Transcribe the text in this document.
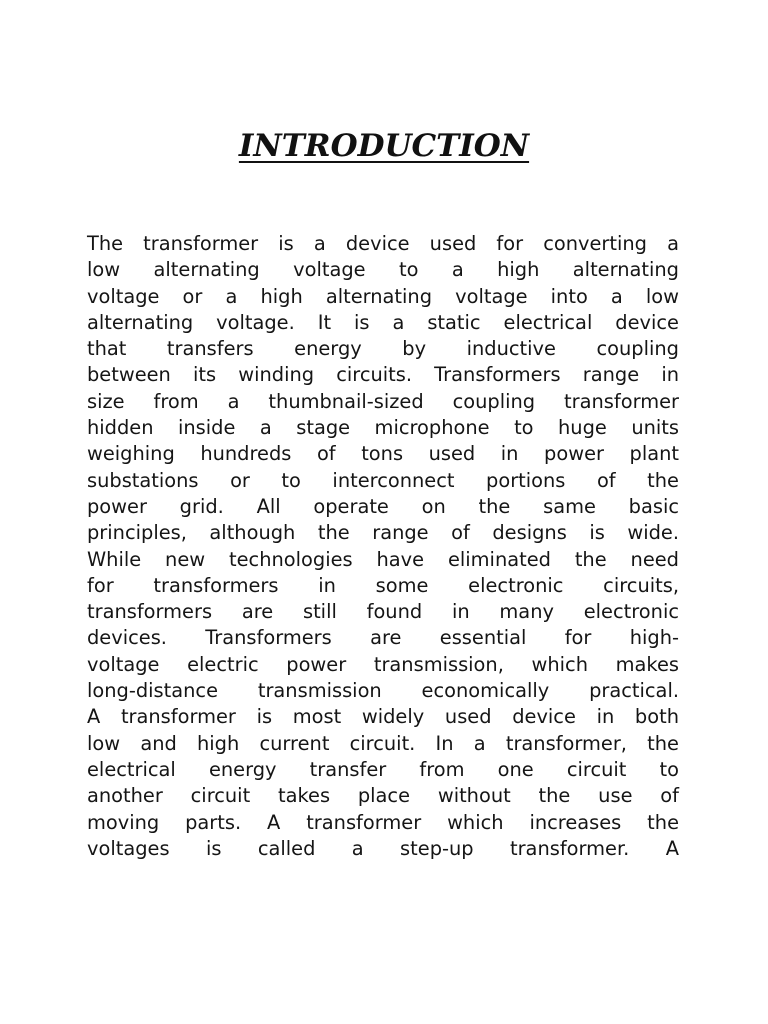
INTRODUCTION
The transformer is a device used for converting a
low alternating voltage to a high alternating
voltage or a high alternating voltage into a low
alternating voltage. It is a static electrical device
that transfers energy by inductive coupling
between its winding circuits. Transformers range in
size from a thumbnail-sized coupling transformer
hidden inside a stage microphone to huge units
weighing hundreds of tons used in power plant
substations or to interconnect portions of the
power grid. All operate on the same basic
principles, although the range of designs is wide.
While new technologies have eliminated the need
for transformers in some electronic circuits,
transformers are still found in many electronic
devices. Transformers are essential for high-
voltage electric power transmission, which makes
long-distance transmission economically practical.
A transformer is most widely used device in both
low and high current circuit. In a transformer, the
electrical energy transfer from one circuit to
another circuit takes place without the use of
moving parts. A transformer which increases the
voltages is called a step-up transformer. A
